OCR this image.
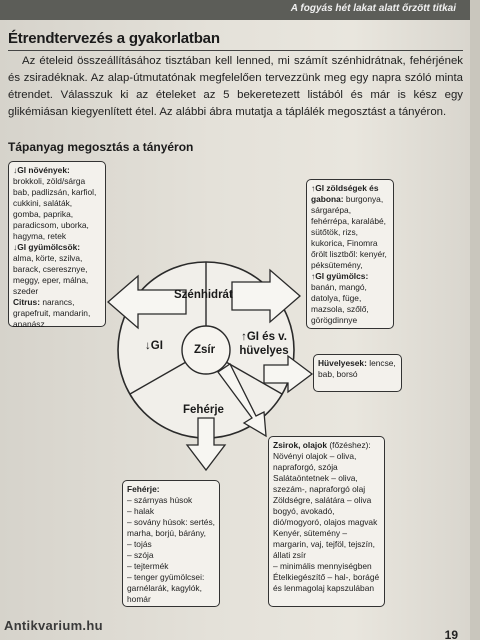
A fogyás hét lakat alatt őrzött titkai
Étrendtervezés a gyakorlatban

Az ételeid összeállításához tisztában kell lenned, mi számít szénhidrátnak, fehérjének és zsiradéknak. Az alap-útmutatónak megfelelően tervezzünk meg egy napra szóló minta étrendet. Válasszuk ki az ételeket az 5 bekeretezett listából és már is kész egy glikémiásan kiegyenlített étel. Az alábbi ábra mutatja a táplálék megosztást a tányéron.

Tápanyag megosztás a tányéron
Szénhidrát
Zsír
↓GI
↑GI és v. hüvelyes
Fehérje

↓GI növények:

brokkoli, zöld/sárga bab, padlizsán, karfiol, cukkini, saláták, gomba, paprika, paradicsom, uborka, hagyma, retek

↓GI gyümölcsök:

alma, körte, szilva, barack, cseresznye, meggy, eper, málna, szeder

Citrus: narancs, grapefruit, mandarin, ananász

↑GI zöldségek és gabona: burgonya, sárgarépa, fehérrépa, karalábé, sütőtök, rizs, kukorica, Finomra őrölt lisztből: kenyér, péksütemény,

↑GI gyümölcs: banán, mangó, datolya, füge, mazsola, szőlő, görögdinnye

Hüvelyesek: lencse, bab, borsó

Fehérje:

– szárnyas húsok

– halak

– sovány húsok: sertés, marha, borjú, bárány,

– tojás

– szója

– tejtermék

– tenger gyümölcsei: garnélarák, kagylók, homár

Zsirok, olajok (főzéshez):

Növényi olajok – oliva, napraforgó, szója

Salátaöntetnek – oliva, szezám-, napraforgó olaj

Zöldségre, salátára – oliva bogyó, avokadó, dió/mogyoró, olajos magvak

Kenyér, sütemény – margarin, vaj, tejföl, tejszín, állati zsír

– minimális mennyiségben

Ételkiegészítő – hal-, borágé és lenmagolaj kapszulában

Antikvarium.hu
19
